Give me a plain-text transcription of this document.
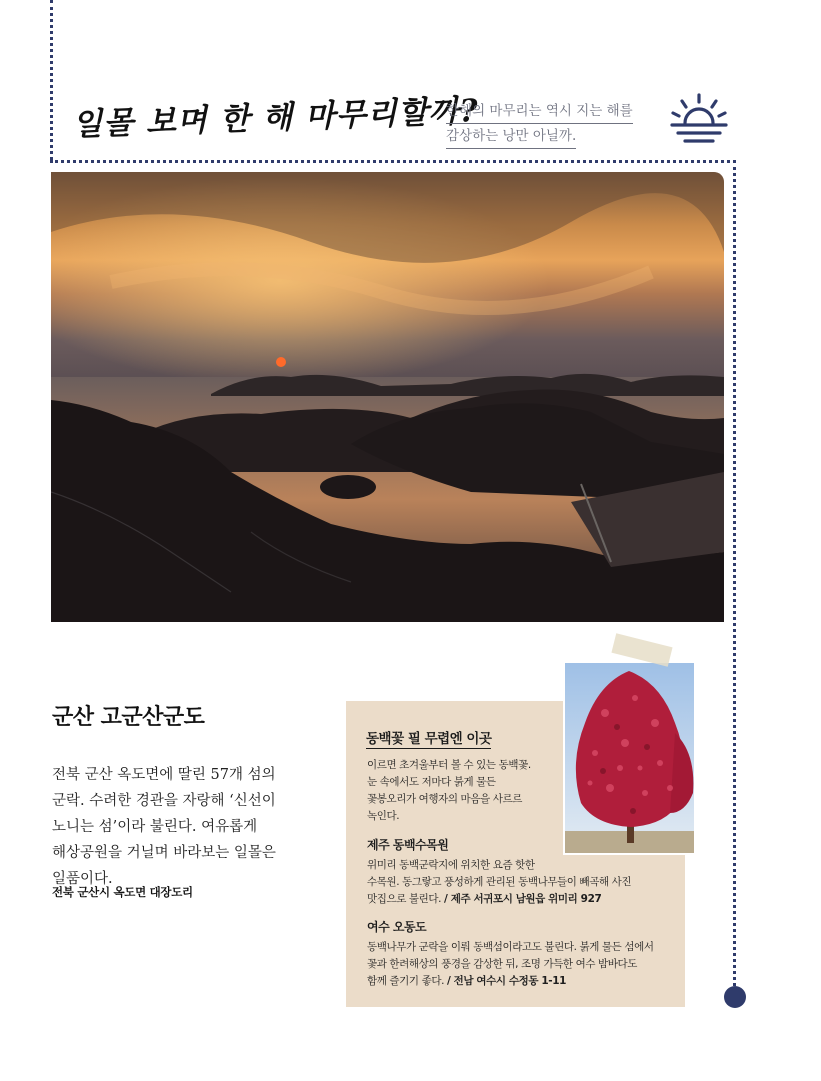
일몰 보며 한 해 마무리할까?
한해의 마무리는 역시 지는 해를
감상하는 낭만 아닐까.
군산 고군산군도

전북 군산 옥도면에 딸린 57개 섬의

군락. 수려한 경관을 자랑해 ‘신선이

노니는 섬’이라 불린다. 여유롭게

해상공원을 거닐며 바라보는 일몰은

일품이다.

전북 군산시 옥도면 대장도리
동백꽃 필 무렵엔 이곳
이르면 초겨울부터 볼 수 있는 동백꽃.
눈 속에서도 저마다 붉게 물든
꽃봉오리가 여행자의 마음을 사르르
녹인다.
제주 동백수목원
위미리 동백군락지에 위치한 요즘 핫한
수목원. 동그랗고 풍성하게 관리된 동백나무들이 빼곡해 사진
맛집으로 불린다. / 제주 서귀포시 남원읍 위미리 927
여수 오동도
동백나무가 군락을 이뤄 동백섬이라고도 불린다. 붉게 물든 섬에서
꽃과 한려해상의 풍경을 감상한 뒤, 조명 가득한 여수 밤바다도
함께 즐기기 좋다. / 전남 여수시 수정동 1-11
